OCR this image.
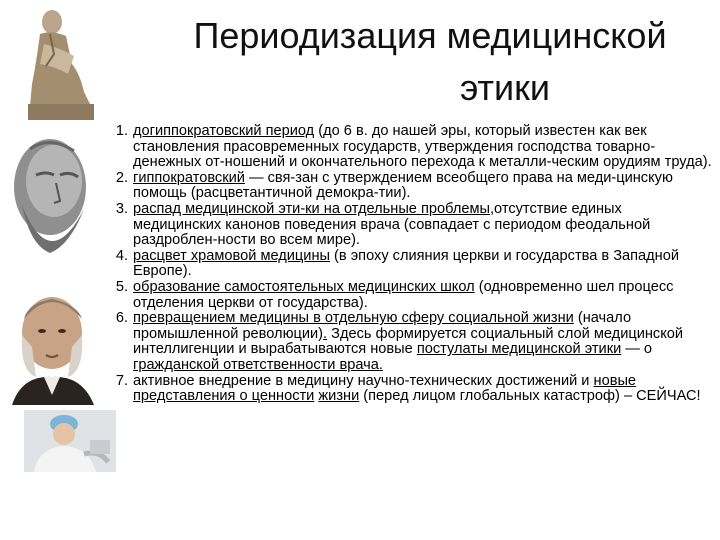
Периодизация медицинской
этики
1. догиппократовский период (до 6 в. до нашей эры, который известен как век становления прасовременных государств, утверждения господства товарно-денежных от-ношений и окончательного перехода к металли-ческим орудиям труда).
2. гиппократовский — свя-зан с утверждением всеобщего права на меди-цинскую помощь (расцветантичной демокра-тии).
3. распад медицинской эти-ки на отдельные проблемы,отсутствие единых медицинских канонов поведения врача (совпадает с периодом феодальной раздроблен-ности во всем мире).
4. расцвет храмовой медицины (в эпоху слияния церкви и государства в Западной Европе).
5. образование самостоятельных медицинских школ (одновременно шел процесс отделения церкви от государства).
6. превращением медицины в отдельную сферу социальной жизни (начало промышленной революции). Здесь формируется социальный слой медицинской интеллигенции и вырабатываются новые постулаты медицинской этики — о гражданской ответственности врача.
7. активное внедрение в медицину научно-технических достижений и новые представления о ценности жизни (перед лицом глобальных катастроф) – СЕЙЧАС!
